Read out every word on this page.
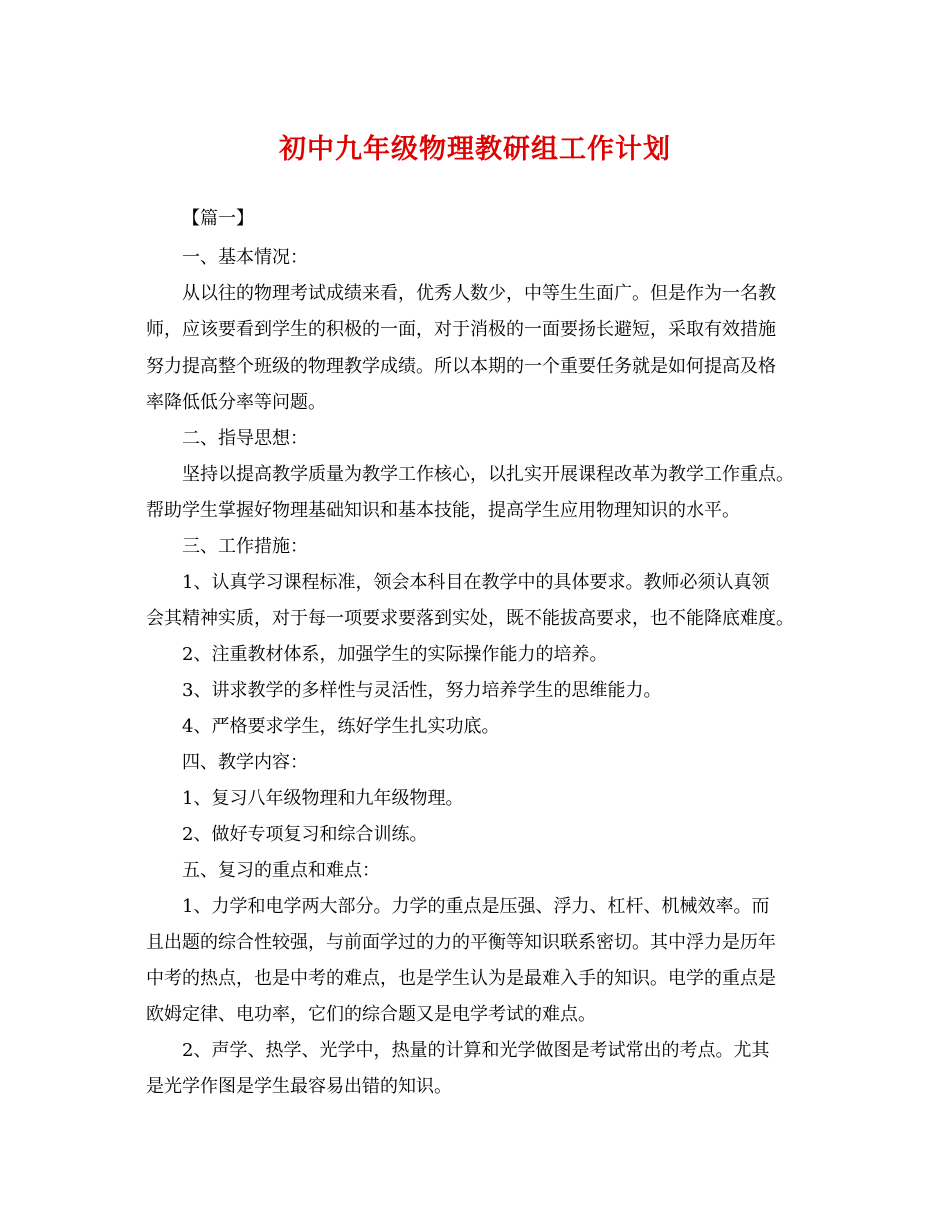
初中九年级物理教研组工作计划
【篇一】
一、基本情况：
从以往的物理考试成绩来看，优秀人数少，中等生生面广。但是作为一名教
师，应该要看到学生的积极的一面，对于消极的一面要扬长避短，采取有效措施
努力提高整个班级的物理教学成绩。所以本期的一个重要任务就是如何提高及格
率降低低分率等问题。
二、指导思想：
坚持以提高教学质量为教学工作核心，以扎实开展课程改革为教学工作重点。
帮助学生掌握好物理基础知识和基本技能，提高学生应用物理知识的水平。
三、工作措施：
1、认真学习课程标准，领会本科目在教学中的具体要求。教师必须认真领
会其精神实质，对于每一项要求要落到实处，既不能拔高要求，也不能降底难度。
2、注重教材体系，加强学生的实际操作能力的培养。
3、讲求教学的多样性与灵活性，努力培养学生的思维能力。
4、严格要求学生，练好学生扎实功底。
四、教学内容：
1、复习八年级物理和九年级物理。
2、做好专项复习和综合训练。
五、复习的重点和难点：
1、力学和电学两大部分。力学的重点是压强、浮力、杠杆、机械效率。而
且出题的综合性较强，与前面学过的力的平衡等知识联系密切。其中浮力是历年
中考的热点，也是中考的难点，也是学生认为是最难入手的知识。电学的重点是
欧姆定律、电功率，它们的综合题又是电学考试的难点。
2、声学、热学、光学中，热量的计算和光学做图是考试常出的考点。尤其
是光学作图是学生最容易出错的知识。
